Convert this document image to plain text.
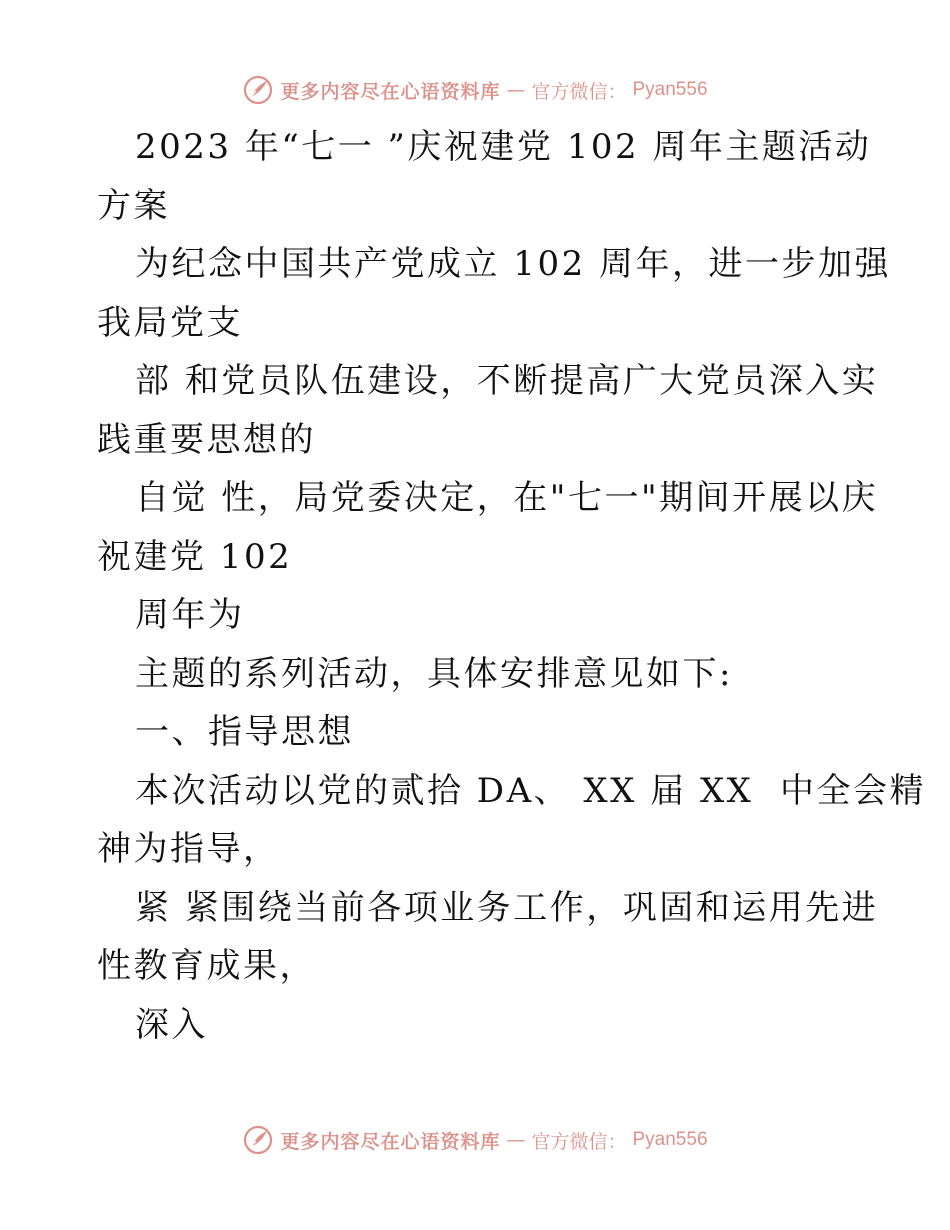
更多内容尽在心语资料库 — 官方微信： Pyan556
2023 年“七一 ”庆祝建党 102 周年主题活动
方案
为纪念中国共产党成立 102 周年，进一步加强
我局党支
部 和党员队伍建设，不断提高广大党员深入实
践重要思想的
自觉 性，局党委决定，在"七一"期间开展以庆
祝建党 102
周年为
主题的系列活动，具体安排意见如下:
一、指导思想
本次活动以党的贰拾 DA、 XX 届 XX  中全会精
神为指导，
紧 紧围绕当前各项业务工作，巩固和运用先进
性教育成果，
深入
更多内容尽在心语资料库 — 官方微信： Pyan556
